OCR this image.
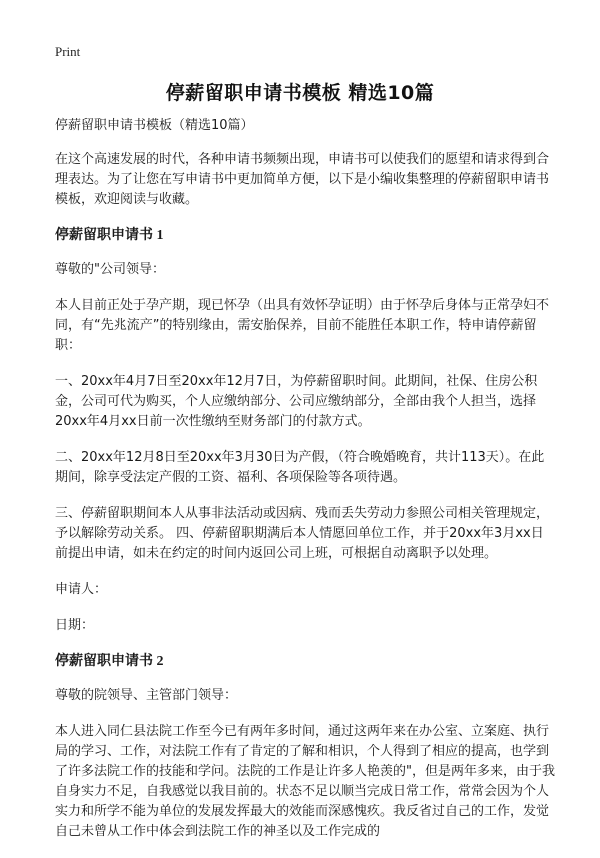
Print
停薪留职申请书模板 精选10篇

停薪留职申请书模板（精选10篇）

在这个高速发展的时代，各种申请书频频出现，申请书可以使我们的愿望和请求得到合理表达。为了让您在写申请书中更加简单方便，以下是小编收集整理的停薪留职申请书模板，欢迎阅读与收藏。

停薪留职申请书 1

尊敬的"公司领导：

本人目前正处于孕产期，现已怀孕（出具有效怀孕证明）由于怀孕后身体与正常孕妇不同，有“先兆流产”的特别缘由，需安胎保养，目前不能胜任本职工作，特申请停薪留职：

一、20xx年4月7日至20xx年12月7日，为停薪留职时间。此期间，社保、住房公积金，公司可代为购买，个人应缴纳部分、公司应缴纳部分，全部由我个人担当，选择20xx年4月xx日前一次性缴纳至财务部门的付款方式。

二、20xx年12月8日至20xx年3月30日为产假，（符合晚婚晚育，共计113天）。在此期间，除享受法定产假的工资、福利、各项保险等各项待遇。

三、停薪留职期间本人从事非法活动或因病、残而丢失劳动力参照公司相关管理规定，予以解除劳动关系。 四、停薪留职期满后本人情愿回单位工作，并于20xx年3月xx日前提出申请，如未在约定的时间内返回公司上班，可根据自动离职予以处理。

申请人：

日期：

停薪留职申请书 2

尊敬的院领导、主管部门领导：

本人进入同仁县法院工作至今已有两年多时间，通过这两年来在办公室、立案庭、执行局的学习、工作，对法院工作有了肯定的了解和相识，个人得到了相应的提高，也学到了许多法院工作的技能和学问。法院的工作是让许多人艳羡的"，但是两年多来，由于我自身实力不足，自我感觉以我目前的。状态不足以顺当完成日常工作，常常会因为个人实力和所学不能为单位的发展发挥最大的效能而深感愧疚。我反省过自己的工作，发觉自己未曾从工作中体会到法院工作的神圣以及工作完成的
